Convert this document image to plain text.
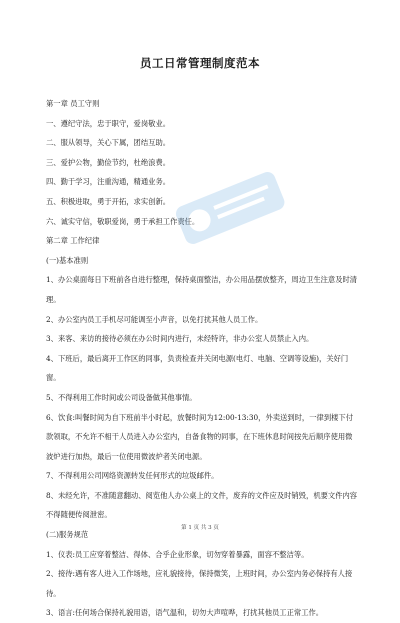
员工日常管理制度范本
第一章 员工守则
一、遵纪守法，忠于职守，爱岗敬业。
二、服从领导，关心下属，团结互助。
三、爱护公物，勤俭节约，杜绝浪费。
四、勤于学习，注重沟通，精通业务。
五、积极进取，勇于开拓，求实创新。
六、诚实守信，敬职爱岗，勇于承担工作责任。
第二章 工作纪律
(一)基本准则
1、办公桌面每日下班前各自进行整理，保持桌面整洁，办公用品摆放整齐，周边卫生注意及时清理。
2、办公室内员工手机尽可能调至小声音，以免打扰其他人员工作。
3、来客、来访的接待必须在办公时间内进行，未经特许，非办公室人员禁止入内。
4、下班后，最后离开工作区的同事，负责检查并关闭电源(电灯、电脑、空调等设施)，关好门窗。
5、不得利用工作时间或公司设备做其他事情。
6、饮食:叫餐时间为自下班前半小时起，放餐时间为12:00-13:30，外卖送到时，一律到楼下付款领取，不允许不相干人员进入办公室内，自备食物的同事，在下班休息时间按先后顺序使用微波炉进行加热，最后一位使用微波炉者关闭电源。
7、不得利用公司网络资源转发任何形式的垃圾邮件。
8、未经允许，不准随意翻动、阅览他人办公桌上的文件，废弃的文件应及时销毁，机要文件内容不得随便传阅泄密。
(二)服务规范
1、仪表:员工应穿着整洁、得体、合乎企业形象，切勿穿着暴露，面容不整洁等。
2、接待:遇有客人进入工作场地，应礼貌接待，保持微笑，上班时间，办公室内务必保持有人接待。
3、语言:任何场合保持礼貌用语，语气温和，切勿大声喧哗，打扰其他员工正常工作。
第 1 页 共 3 页
